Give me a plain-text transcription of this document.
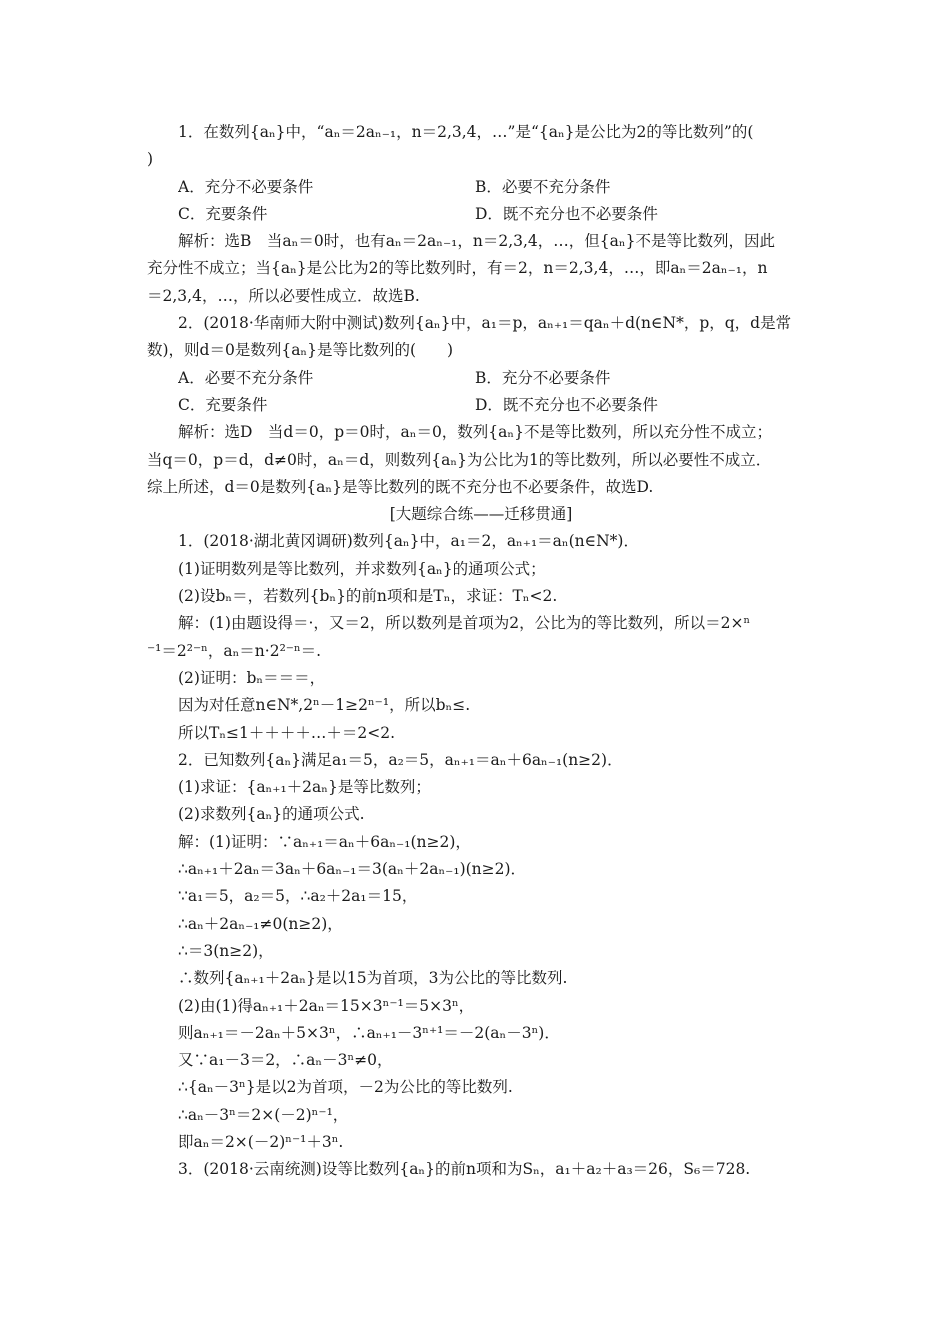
1．在数列{aₙ}中，“aₙ＝2aₙ₋₁，n＝2,3,4，…”是“{aₙ}是公比为2的等比数列”的(
)
A．充分不必要条件	B．必要不充分条件
C．充要条件	D．既不充分也不必要条件
解析：选B　当aₙ＝0时，也有aₙ＝2aₙ₋₁，n＝2,3,4，…，但{aₙ}不是等比数列，因此
充分性不成立；当{aₙ}是公比为2的等比数列时，有＝2，n＝2,3,4，…，即aₙ＝2aₙ₋₁，n
＝2,3,4，…，所以必要性成立．故选B.
2．(2018·华南师大附中测试)数列{aₙ}中，a₁＝p，aₙ₊₁＝qaₙ＋d(n∈N*，p，q，d是常
数)，则d＝0是数列{aₙ}是等比数列的(　　)
A．必要不充分条件	B．充分不必要条件
C．充要条件	D．既不充分也不必要条件
解析：选D　当d＝0，p＝0时，aₙ＝0，数列{aₙ}不是等比数列，所以充分性不成立；
当q＝0，p＝d，d≠0时，aₙ＝d，则数列{aₙ}为公比为1的等比数列，所以必要性不成立．
综上所述，d＝0是数列{aₙ}是等比数列的既不充分也不必要条件，故选D.
[大题综合练——迁移贯通]
1．(2018·湖北黄冈调研)数列{aₙ}中，a₁＝2，aₙ₊₁＝aₙ(n∈N*)．
(1)证明数列是等比数列，并求数列{aₙ}的通项公式；
(2)设bₙ＝，若数列{bₙ}的前n项和是Tₙ，求证：Tₙ<2.
解：(1)由题设得＝·，又＝2，所以数列是首项为2，公比为的等比数列，所以＝2×ⁿ
⁻¹＝2²⁻ⁿ，aₙ＝n·2²⁻ⁿ＝.
(2)证明：bₙ＝＝＝，
因为对任意n∈N*,2ⁿ－1≥2ⁿ⁻¹，所以bₙ≤.
所以Tₙ≤1＋＋＋＋…＋＝2<2.
2．已知数列{aₙ}满足a₁＝5，a₂＝5，aₙ₊₁＝aₙ＋6aₙ₋₁(n≥2)．
(1)求证：{aₙ₊₁＋2aₙ}是等比数列；
(2)求数列{aₙ}的通项公式.
解：(1)证明：∵aₙ₊₁＝aₙ＋6aₙ₋₁(n≥2)，
∴aₙ₊₁＋2aₙ＝3aₙ＋6aₙ₋₁＝3(aₙ＋2aₙ₋₁)(n≥2)．
∵a₁＝5，a₂＝5，∴a₂＋2a₁＝15，
∴aₙ＋2aₙ₋₁≠0(n≥2)，
∴＝3(n≥2)，
∴数列{aₙ₊₁＋2aₙ}是以15为首项，3为公比的等比数列.
(2)由(1)得aₙ₊₁＋2aₙ＝15×3ⁿ⁻¹＝5×3ⁿ，
则aₙ₊₁＝－2aₙ＋5×3ⁿ，∴aₙ₊₁－3ⁿ⁺¹＝－2(aₙ－3ⁿ)．
又∵a₁－3＝2，∴aₙ－3ⁿ≠0，
∴{aₙ－3ⁿ}是以2为首项，－2为公比的等比数列.
∴aₙ－3ⁿ＝2×(－2)ⁿ⁻¹，
即aₙ＝2×(－2)ⁿ⁻¹＋3ⁿ.
3．(2018·云南统测)设等比数列{aₙ}的前n项和为Sₙ，a₁＋a₂＋a₃＝26，S₆＝728.
